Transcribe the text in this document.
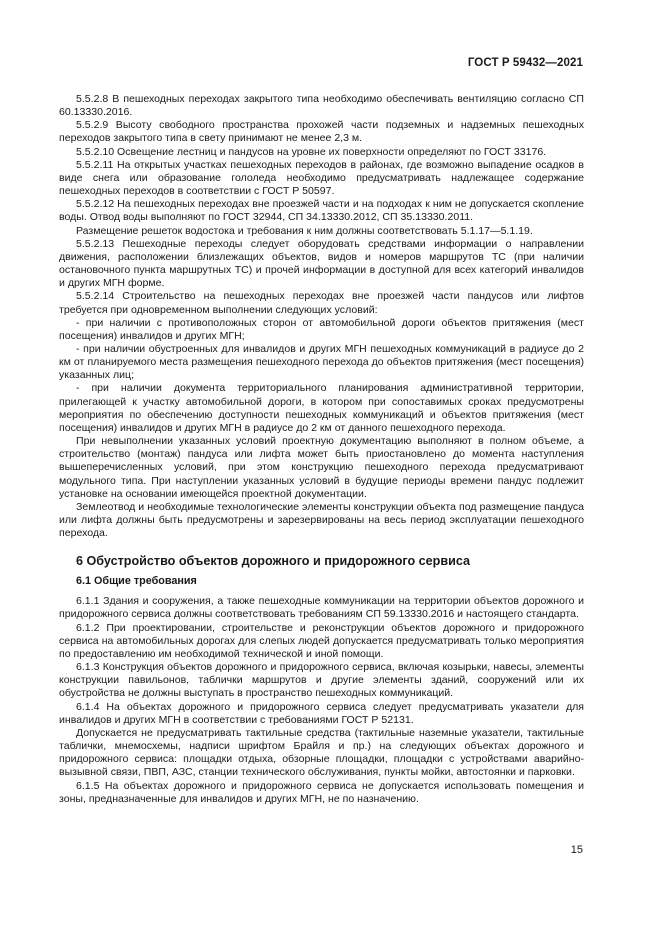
ГОСТ Р 59432—2021

5.5.2.8 В пешеходных переходах закрытого типа необходимо обеспечивать вентиляцию согласно СП 60.13330.2016.

5.5.2.9 Высоту свободного пространства прохожей части подземных и надземных пешеходных переходов закрытого типа в свету принимают не менее 2,3 м.

5.5.2.10 Освещение лестниц и пандусов на уровне их поверхности определяют по ГОСТ 33176.

5.5.2.11 На открытых участках пешеходных переходов в районах, где возможно выпадение осадков в виде снега или образование гололеда необходимо предусматривать надлежащее содержание пешеходных переходов в соответствии с ГОСТ Р 50597.

5.5.2.12 На пешеходных переходах вне проезжей части и на подходах к ним не допускается скопление воды. Отвод воды выполняют по ГОСТ 32944, СП 34.13330.2012, СП 35.13330.2011.

Размещение решеток водостока и требования к ним должны соответствовать 5.1.17—5.1.19.

5.5.2.13 Пешеходные переходы следует оборудовать средствами информации о направлении движения, расположении близлежащих объектов, видов и номеров маршрутов ТС (при наличии остановочного пункта маршрутных ТС) и прочей информации в доступной для всех категорий инвалидов и других МГН форме.

5.5.2.14 Строительство на пешеходных переходах вне проезжей части пандусов или лифтов требуется при одновременном выполнении следующих условий:

- при наличии с противоположных сторон от автомобильной дороги объектов притяжения (мест посещения) инвалидов и других МГН;

- при наличии обустроенных для инвалидов и других МГН пешеходных коммуникаций в радиусе до 2 км от планируемого места размещения пешеходного перехода до объектов притяжения (мест посещения) указанных лиц;

- при наличии документа территориального планирования административной территории, прилегающей к участку автомобильной дороги, в котором при сопоставимых сроках предусмотрены мероприятия по обеспечению доступности пешеходных коммуникаций и объектов притяжения (мест посещения) инвалидов и других МГН в радиусе до 2 км от данного пешеходного перехода.

При невыполнении указанных условий проектную документацию выполняют в полном объеме, а строительство (монтаж) пандуса или лифта может быть приостановлено до момента наступления вышеперечисленных условий, при этом конструкцию пешеходного перехода предусматривают модульного типа. При наступлении указанных условий в будущие периоды времени пандус подлежит установке на основании имеющейся проектной документации.

Землеотвод и необходимые технологические элементы конструкции объекта под размещение пандуса или лифта должны быть предусмотрены и зарезервированы на весь период эксплуатации пешеходного перехода.

6 Обустройство объектов дорожного и придорожного сервиса
6.1 Общие требования

6.1.1 Здания и сооружения, а также пешеходные коммуникации на территории объектов дорожного и придорожного сервиса должны соответствовать требованиям СП 59.13330.2016 и настоящего стандарта.

6.1.2 При проектировании, строительстве и реконструкции объектов дорожного и придорожного сервиса на автомобильных дорогах для слепых людей допускается предусматривать только мероприятия по предоставлению им необходимой технической и иной помощи.

6.1.3 Конструкция объектов дорожного и придорожного сервиса, включая козырьки, навесы, элементы конструкции павильонов, таблички маршрутов и другие элементы зданий, сооружений или их обустройства не должны выступать в пространство пешеходных коммуникаций.

6.1.4 На объектах дорожного и придорожного сервиса следует предусматривать указатели для инвалидов и других МГН в соответствии с требованиями ГОСТ Р 52131.

Допускается не предусматривать тактильные средства (тактильные наземные указатели, тактильные таблички, мнемосхемы, надписи шрифтом Брайля и пр.) на следующих объектах дорожного и придорожного сервиса: площадки отдыха, обзорные площадки, площадки с устройствами аварийно-вызывной связи, ПВП, АЗС, станции технического обслуживания, пункты мойки, автостоянки и парковки.

6.1.5 На объектах дорожного и придорожного сервиса не допускается использовать помещения и зоны, предназначенные для инвалидов и других МГН, не по назначению.

15
